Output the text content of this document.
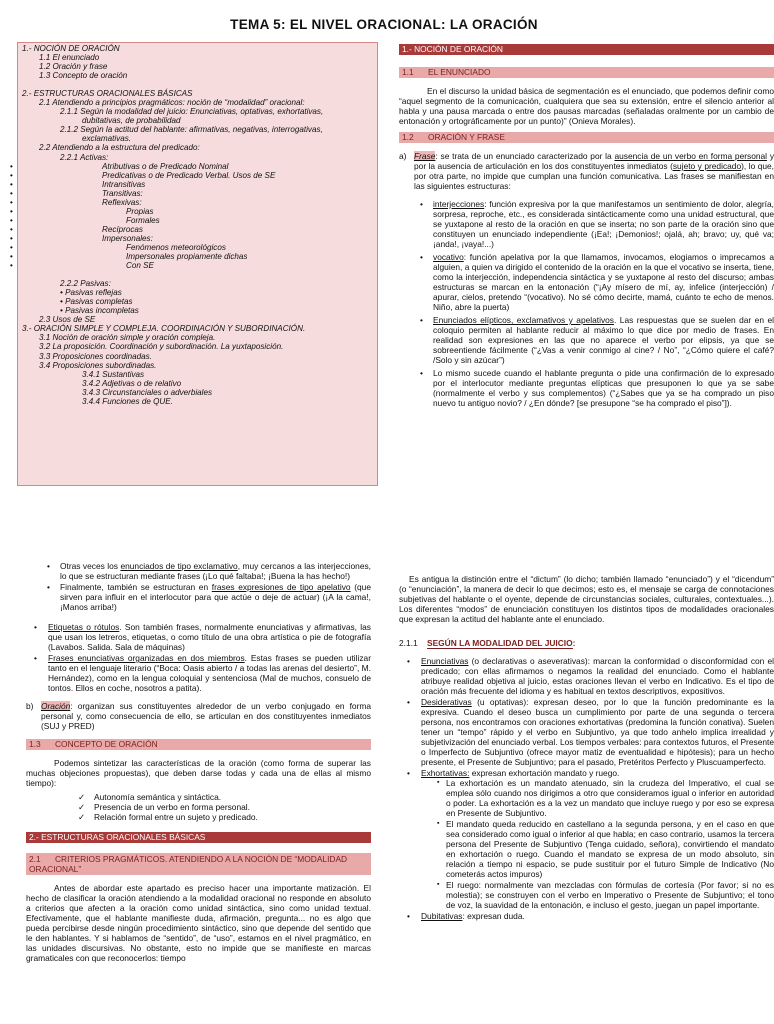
TEMA 5: EL NIVEL ORACIONAL: LA ORACIÓN
1.- NOCIÓN DE ORACIÓN
1.1 El enunciado
1.2 Oración y frase
1.3 Concepto de oración
2.- ESTRUCTURAS ORACIONALES BÁSICAS
2.1 Atendiendo a principios pragmáticos: noción de “modalidad” oracional:
2.1.1 Según la modalidad del juicio: Enunciativas, optativas, exhortativas,
dubitativas, de probabilidad
2.1.2 Según la actitud del hablante: afirmativas, negativas, interrogativas,
exclamativas.
2.2 Atendiendo a la estructura del predicado:
2.2.1 Activas:
• Atributivas o de Predicado Nominal
• Predicativas o de Predicado Verbal. Usos de SE
• Intransitivas
• Transitivas:
• Reflexivas:
• Propias
• Formales
• Recíprocas
• Impersonales:
• Fenómenos meteorológicos
• Impersonales propiamente dichas
• Con SE
2.2.2 Pasivas:
• Pasivas reflejas
• Pasivas completas
• Pasivas incompletas
2.3 Usos de SE
3.- ORACIÓN SIMPLE Y COMPLEJA. COORDINACIÓN Y SUBORDINACIÓN.
3.1 Noción de oración simple y oración compleja.
3.2 La proposición. Coordinación y subordinación. La yuxtaposición.
3.3 Proposiciones coordinadas.
3.4 Proposiciones subordinadas.
3.4.1 Sustantivas
3.4.2 Adjetivas o de relativo
3.4.3 Circunstanciales o adverbiales
3.4.4 Funciones de QUE.
1.- NOCIÓN DE ORACIÓN
1.1 EL ENUNCIADO

En el discurso la unidad básica de segmentación es el enunciado, que podemos definir como “aquel segmento de la comunicación, cualquiera que sea su extensión, entre el silencio anterior al habla y una pausa marcada o entre dos pausas marcadas (señaladas oralmente por un cambio de entonación y ortográficamente por un punto)” (Onieva Morales).

1.2 ORACIÓN Y FRASE
a) Frase: se trata de un enunciado caracterizado por la ausencia de un verbo en forma personal y por la ausencia de articulación en los dos constituyentes inmediatos (sujeto y predicado), lo que, por otra parte, no impide que cumplan una función comunicativa. Las frases se manifiestan en las siguientes estructuras:
• interjecciones: función expresiva por la que manifestamos un sentimiento de dolor, alegría, sorpresa, reproche, etc., es considerada sintácticamente como una unidad estructural, que se yuxtapone al resto de la oración en que se inserta; no son parte de la oración sino que constituyen un enunciado independiente (¡Ea!; ¡Demonios!; ojalá, ah; bravo; uy, qué va; ¡anda!, ¡vaya!...)
• vocativo: función apelativa por la que llamamos, invocamos, elogiamos o imprecamos a alguien, a quien va dirigido el contenido de la oración en la que el vocativo se inserta, tiene, como la interjección, independencia sintáctica y se yuxtapone al resto del discurso; ambas estructuras se marcan en la entonación (“¡Ay mísero de mí, ay, infelice (interjección) / apurar, cielos, pretendo “(vocativo). No sé cómo decirte, mamá, cuánto te echo de menos. Niño, abre la puerta)
• Enunciados elípticos, exclamativos y apelativos. Las respuestas que se suelen dar en el coloquio permiten al hablante reducir al máximo lo que dice por medio de frases. En realidad son expresiones en las que no aparece el verbo por elipsis, ya que se sobreentiende fácilmente (“¿Vas a venir conmigo al cine? / No”, “¿Cómo quiere el café? /Solo y sin azúcar”)
• Lo mismo sucede cuando el hablante pregunta o pide una confirmación de lo expresado por el interlocutor mediante preguntas elípticas que presuponen lo que ya se sabe (normalmente el verbo y sus complementos) (“¿Sabes que ya se ha comprado un piso nuevo tu antiguo novio? / ¿En dónde? [se presupone “se ha comprado el piso”]).
• Otras veces los enunciados de tipo exclamativo, muy cercanos a las interjecciones, lo que se estructuran mediante frases (¡Lo qué faltaba!; ¡Buena la has hecho!)
• Finalmente, también se estructuran en frases expresiones de tipo apelativo (que sirven para influir en el interlocutor para que actúe o deje de actuar) (¡A la cama!, ¡Manos arriba!)
• Etiquetas o rótulos. Son también frases, normalmente enunciativas y afirmativas, las que usan los letreros, etiquetas, o como título de una obra artística o pie de fotografía (Lavabos. Salida. Sala de máquinas)
• Frases enunciativas organizadas en dos miembros. Estas frases se pueden utilizar tanto en el lenguaje literario (“Boca: Oasis abierto / a todas las arenas del desierto”, M. Hernández), como en la lengua coloquial y sentenciosa (Mal de muchos, consuelo de tontos. Ellos en coche, nosotros a patita).
b) Oración: organizan sus constituyentes alrededor de un verbo conjugado en forma personal y, como consecuencia de ello, se articulan en dos constituyentes inmediatos (SUJ y PRED)
1.3 CONCEPTO DE ORACIÓN

Podemos sintetizar las características de la oración (como forma de superar las muchas objeciones propuestas), que deben darse todas y cada una de ellas al mismo tiempo):

✓ Autonomía semántica y sintáctica.
✓ Presencia de un verbo en forma personal.
✓ Relación formal entre un sujeto y predicado.
2.- ESTRUCTURAS ORACIONALES BÁSICAS
2.1 CRITERIOS PRAGMÁTICOS. ATENDIENDO A LA NOCIÓN DE “MODALIDAD ORACIONAL”

Antes de abordar este apartado es preciso hacer una importante matización. El hecho de clasificar la oración atendiendo a la modalidad oracional no responde en absoluto a criterios que afecten a la oración como unidad sintáctica, sino como unidad textual. Efectivamente, que el hablante manifieste duda, afirmación, pregunta... no es algo que pueda percibirse desde ningún procedimiento sintáctico, sino que depende del sentido que le den hablantes. Y si hablamos de “sentido”, de “uso”, estamos en el nivel pragmático, en las unidades discursivas. No obstante, esto no impide que se manifieste en marcas gramaticales con que reconocerlos: tiempo

Es antigua la distinción entre el “dictum” (lo dicho; también llamado “enunciado”) y el “dicendum” (o “enunciación”, la manera de decir lo que decimos; esto es, el mensaje se carga de connotaciones subjetivas del hablante o el oyente, depende de circunstancias sociales, culturales, contextuales...). Los diferentes “modos” de enunciación constituyen los distintos tipos de modalidades oracionales que expresan la actitud del hablante ante el enunciado.

2.1.1 SEGÚN LA MODALIDAD DEL JUICIO:
• Enunciativas (o declarativas o aseverativas): marcan la conformidad o disconformidad con el predicado; con ellas afirmamos o negamos la realidad del enunciado. Como el hablante atribuye realidad objetiva al juicio, estas oraciones llevan el verbo en Indicativo. Es el tipo de oración más frecuente del idioma y es habitual en textos descriptivos, expositivos.
• Desiderativas (u optativas): expresan deseo, por lo que la función predominante es la expresiva. Cuando el deseo busca un cumplimiento por parte de una segunda o tercera persona, nos encontramos con oraciones exhortativas (predomina la función conativa). Suelen tener un “tempo” rápido y el verbo en Subjuntivo, ya que todo anhelo implica irrealidad y subjetivización del enunciado verbal. Los tiempos verbales: para contextos futuros, el Presente o Imperfecto de Subjuntivo (ofrece mayor matiz de eventualidad e hipótesis); para un hecho presente, el Presente de Subjuntivo; para el pasado, Pretéritos Perfecto y Pluscuamperfecto.
• Exhortativas: expresan exhortación mandato y ruego.
▪ La exhortación es un mandato atenuado, sin la crudeza del Imperativo, el cual se emplea sólo cuando nos dirigimos a otro que consideramos igual o inferior en autoridad o poder. La exhortación es a la vez un mandato que incluye ruego y por eso se expresa en Presente de Subjuntivo.
▪ El mandato queda reducido en castellano a la segunda persona, y en el caso en que sea considerado como igual o inferior al que habla; en caso contrario, usamos la tercera persona del Presente de Subjuntivo (Tenga cuidado, señora), convirtiendo el mandato en exhortación o ruego. Cuando el mandato se expresa de un modo absoluto, sin relación a tiempo ni espacio, se pude sustituir por el futuro Simple de Indicativo (No cometerás actos impuros)
▪ El ruego: normalmente van mezcladas con fórmulas de cortesía (Por favor; si no es molestia); se construyen con el verbo en Imperativo o Presente de Subjuntivo; el tono de voz, la suavidad de la entonación, e incluso el gesto, juegan un papel importante.
• Dubitativas: expresan duda.
